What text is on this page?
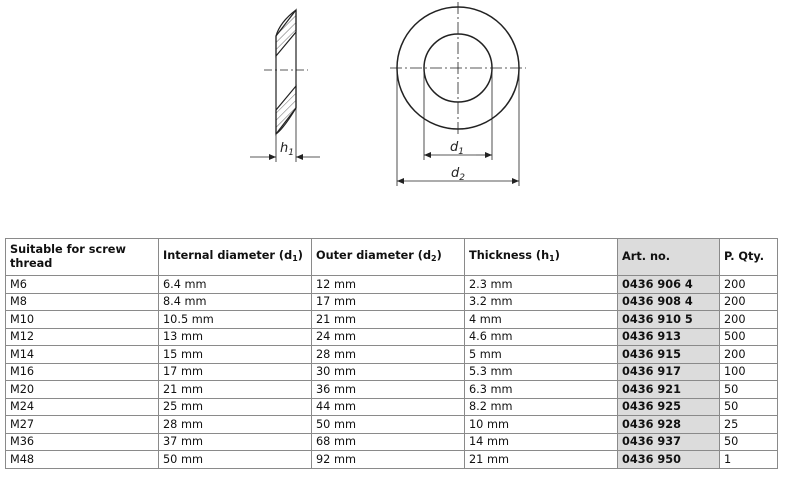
$h_1$	$d_1$
$d_2$
Suitable for screw thread	Internal diameter $(d_1)$	Outer diameter $(d_2)$	Thickness $(h_1)$	Art. no.	P. Qty.
M6	6.4 mm	12 mm	2.3 mm	0436 906 4	200
M8	8.4 mm	17 mm	3.2 mm	0436 908 4	200
M10	10.5 mm	21 mm	4 mm	0436 910 5	200
M12	13 mm	24 mm	4.6 mm	0436 913	500
M14	15 mm	28 mm	5 mm	0436 915	200
M16	17 mm	30 mm	5.3 mm	0436 917	100
M20	21 mm	36 mm	6.3 mm	0436 921	50
M24	25 mm	44 mm	8.2 mm	0436 925	50
M27	28 mm	50 mm	10 mm	0436 928	25
M36	37 mm	68 mm	14 mm	0436 937	50
M48	50 mm	92 mm	21 mm	0436 950	1
